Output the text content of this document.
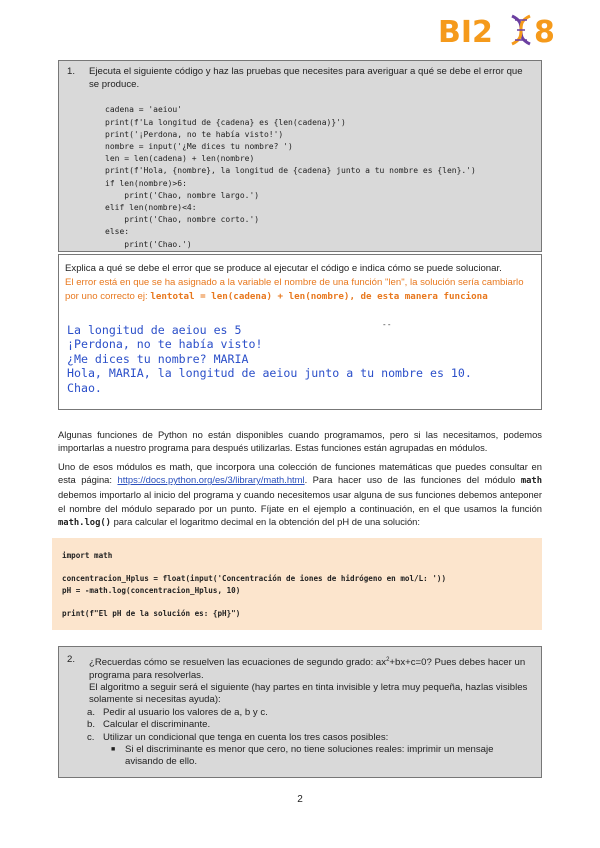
BI2 8
1. Ejecuta el siguiente código y haz las pruebas que necesites para averiguar a qué se debe el error que se produce.

cadena = 'aeiou'
print(f'La longitud de {cadena} es {len(cadena)}')
print('¡Perdona, no te había visto!')
nombre = input('¿Me dices tu nombre? ')
len = len(cadena) + len(nombre)
print(f'Hola, {nombre}, la longitud de {cadena} junto a tu nombre es {len}.')
if len(nombre)>6:
print('Chao, nombre largo.')
elif len(nombre)<4:
print('Chao, nombre corto.')
else:
print('Chao.')

Explica a qué se debe el error que se produce al ejecutar el código e indica cómo se puede solucionar.
El error está en que se ha asignado a la variable el nombre de una función "len", la solución sería cambiarlo por uno correcto ej: lentotal = len(cadena) + len(nombre), de esta manera funciona
- -
La longitud de aeiou es 5
¡Perdona, no te había visto!
¿Me dices tu nombre? MARIA
Hola, MARIA, la longitud de aeiou junto a tu nombre es 10.
Chao.

Algunas funciones de Python no están disponibles cuando programamos, pero si las necesitamos, podemos importarlas a nuestro programa para después utilizarlas. Estas funciones están agrupadas en módulos.

Uno de esos módulos es math, que incorpora una colección de funciones matemáticas que puedes consultar en esta página: https://docs.python.org/es/3/library/math.html. Para hacer uso de las funciones del módulo math debemos importarlo al inicio del programa y cuando necesitemos usar alguna de sus funciones debemos anteponer el nombre del módulo separado por un punto. Fíjate en el ejemplo a continuación, en el que usamos la función math.log() para calcular el logaritmo decimal en la obtención del pH de una solución:

import math

concentracion_Hplus = float(input('Concentración de iones de hidrógeno en mol/L: '))
pH = -math.log(concentracion_Hplus, 10)

print(f"El pH de la solución es: {pH}")
2. ¿Recuerdas cómo se resuelven las ecuaciones de segundo grado: $ax^2+bx+c=0$? Pues debes hacer un programa para resolverlas.
El algoritmo a seguir será el siguiente (hay partes en tinta invisible y letra muy pequeña, hazlas visibles solamente si necesitas ayuda):
a. Pedir al usuario los valores de a, b y c.
b. Calcular el discriminante.
c. Utilizar un condicional que tenga en cuenta los tres casos posibles:
■ Si el discriminante es menor que cero, no tiene soluciones reales: imprimir un mensaje avisando de ello.
2
